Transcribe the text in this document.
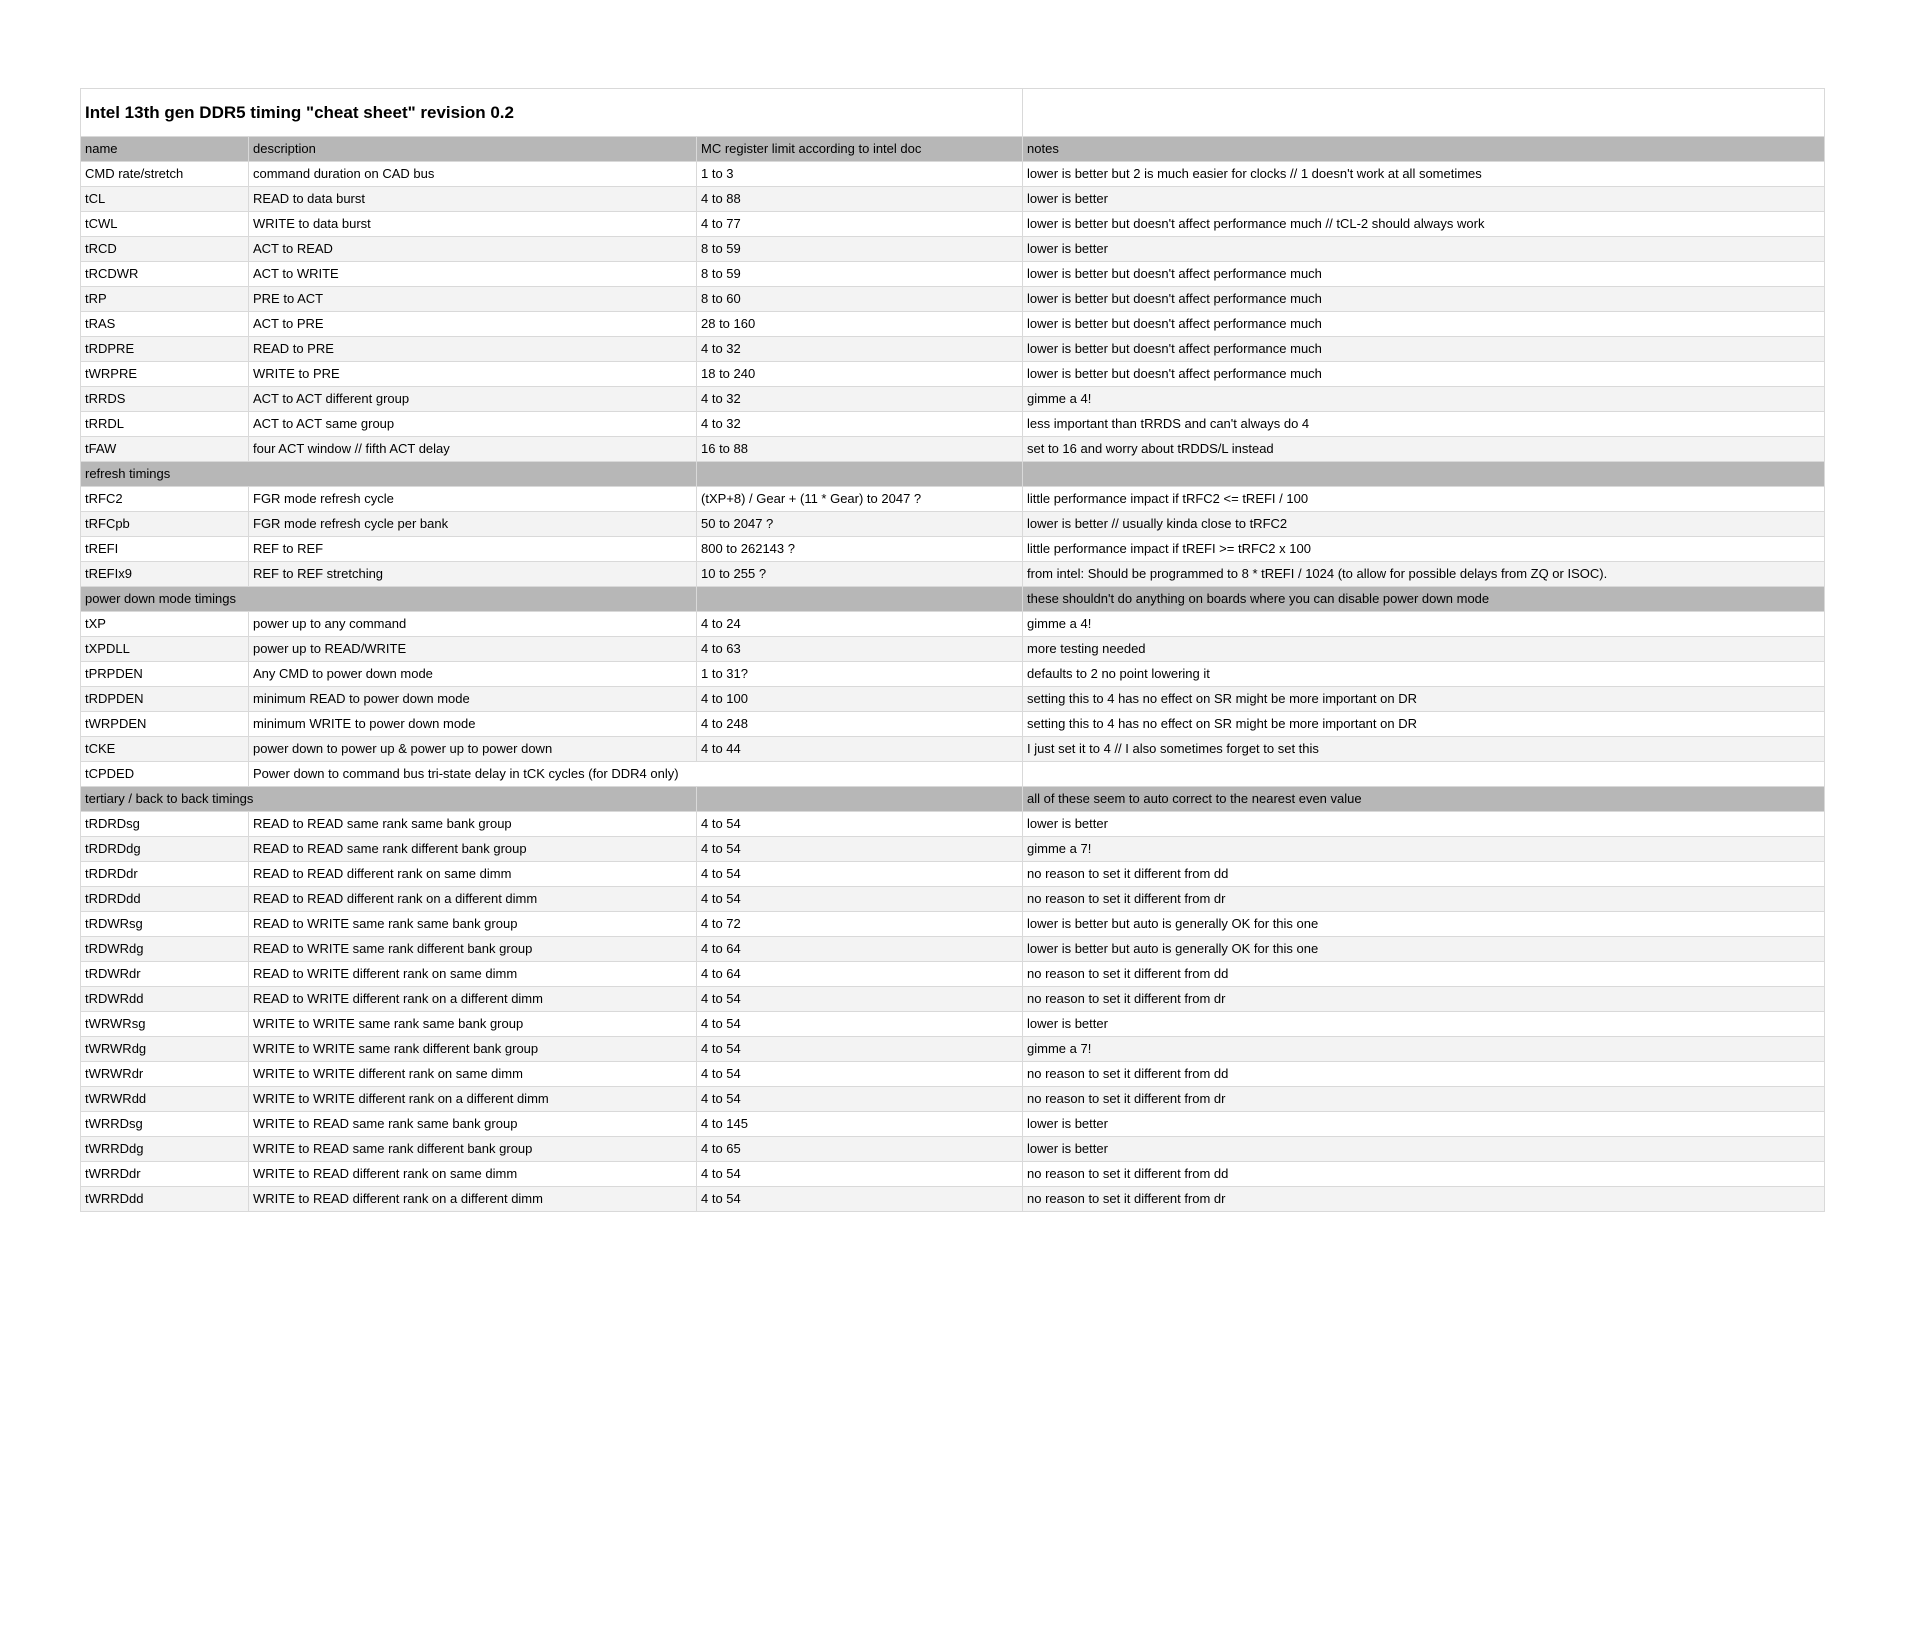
Intel 13th gen DDR5 timing "cheat sheet" revision 0.2			
name	description	MC register limit according to intel doc	notes
CMD rate/stretch	command duration on CAD bus	1 to 3	lower is better but 2 is much easier for clocks // 1 doesn't work at all sometimes
tCL	READ to data burst	4 to 88	lower is better
tCWL	WRITE to data burst	4 to 77	lower is better but doesn't affect performance much // tCL-2 should always work
tRCD	ACT to READ	8 to 59	lower is better
tRCDWR	ACT to WRITE	8 to 59	lower is better but doesn't affect performance much
tRP	PRE to ACT	8 to 60	lower is better but doesn't affect performance much
tRAS	ACT to PRE	28 to 160	lower is better but doesn't affect performance much
tRDPRE	READ to PRE	4 to 32	lower is better but doesn't affect performance much
tWRPRE	WRITE to PRE	18 to 240	lower is better but doesn't affect performance much
tRRDS	ACT to ACT different group	4 to 32	gimme a 4!
tRRDL	ACT to ACT same group	4 to 32	less important than tRRDS and can't always do 4
tFAW	four ACT window // fifth ACT delay	16 to 88	set to 16 and worry about tRDDS/L instead
refresh timings			
tRFC2	FGR mode refresh cycle	(tXP+8) / Gear + (11 * Gear) to 2047 ?	little performance impact if tRFC2 <= tREFI / 100
tRFCpb	FGR mode refresh cycle per bank	50 to 2047 ?	lower is better // usually kinda close to tRFC2
tREFI	REF to REF	800 to 262143 ?	little performance impact if tREFI >= tRFC2 x 100
tREFIx9	REF to REF stretching	10 to 255 ?	from intel: Should be programmed to 8 * tREFI / 1024 (to allow for possible delays from ZQ or ISOC).
power down mode timings			these shouldn't do anything on boards where you can disable power down mode
tXP	power up to any command	4 to 24	gimme a 4!
tXPDLL	power up to READ/WRITE	4 to 63	more testing needed
tPRPDEN	Any CMD to power down mode	1 to 31?	defaults to 2 no point lowering it
tRDPDEN	minimum READ to power down mode	4 to 100	setting this to 4 has no effect on SR might be more important on DR
tWRPDEN	minimum WRITE to power down mode	4 to 248	setting this to 4 has no effect on SR might be more important on DR
tCKE	power down to power up & power up to power down	4 to 44	I just set it to 4 // I also sometimes forget to set this
tCPDED	Power down to command bus tri-state delay in tCK cycles (for DDR4 only)		
tertiary / back to back timings			all of these seem to auto correct to the nearest even value
tRDRDsg	READ to READ same rank same bank group	4 to 54	lower is better
tRDRDdg	READ to READ same rank different bank group	4 to 54	gimme a 7!
tRDRDdr	READ to READ different rank on same dimm	4 to 54	no reason to set it different from dd
tRDRDdd	READ to READ different rank on a different dimm	4 to 54	no reason to set it different from dr
tRDWRsg	READ to WRITE same rank same bank group	4 to 72	lower is better but auto is generally OK for this one
tRDWRdg	READ to WRITE same rank different bank group	4 to 64	lower is better but auto is generally OK for this one
tRDWRdr	READ to WRITE different rank on same dimm	4 to 64	no reason to set it different from dd
tRDWRdd	READ to WRITE different rank on a different dimm	4 to 54	no reason to set it different from dr
tWRWRsg	WRITE to WRITE same rank same bank group	4 to 54	lower is better
tWRWRdg	WRITE to WRITE same rank different bank group	4 to 54	gimme a 7!
tWRWRdr	WRITE to WRITE different rank on same dimm	4 to 54	no reason to set it different from dd
tWRWRdd	WRITE to WRITE different rank on a different dimm	4 to 54	no reason to set it different from dr
tWRRDsg	WRITE to READ same rank same bank group	4 to 145	lower is better
tWRRDdg	WRITE to READ same rank different bank group	4 to 65	lower is better
tWRRDdr	WRITE to READ different rank on same dimm	4 to 54	no reason to set it different from dd
tWRRDdd	WRITE to READ different rank on a different dimm	4 to 54	no reason to set it different from dr
